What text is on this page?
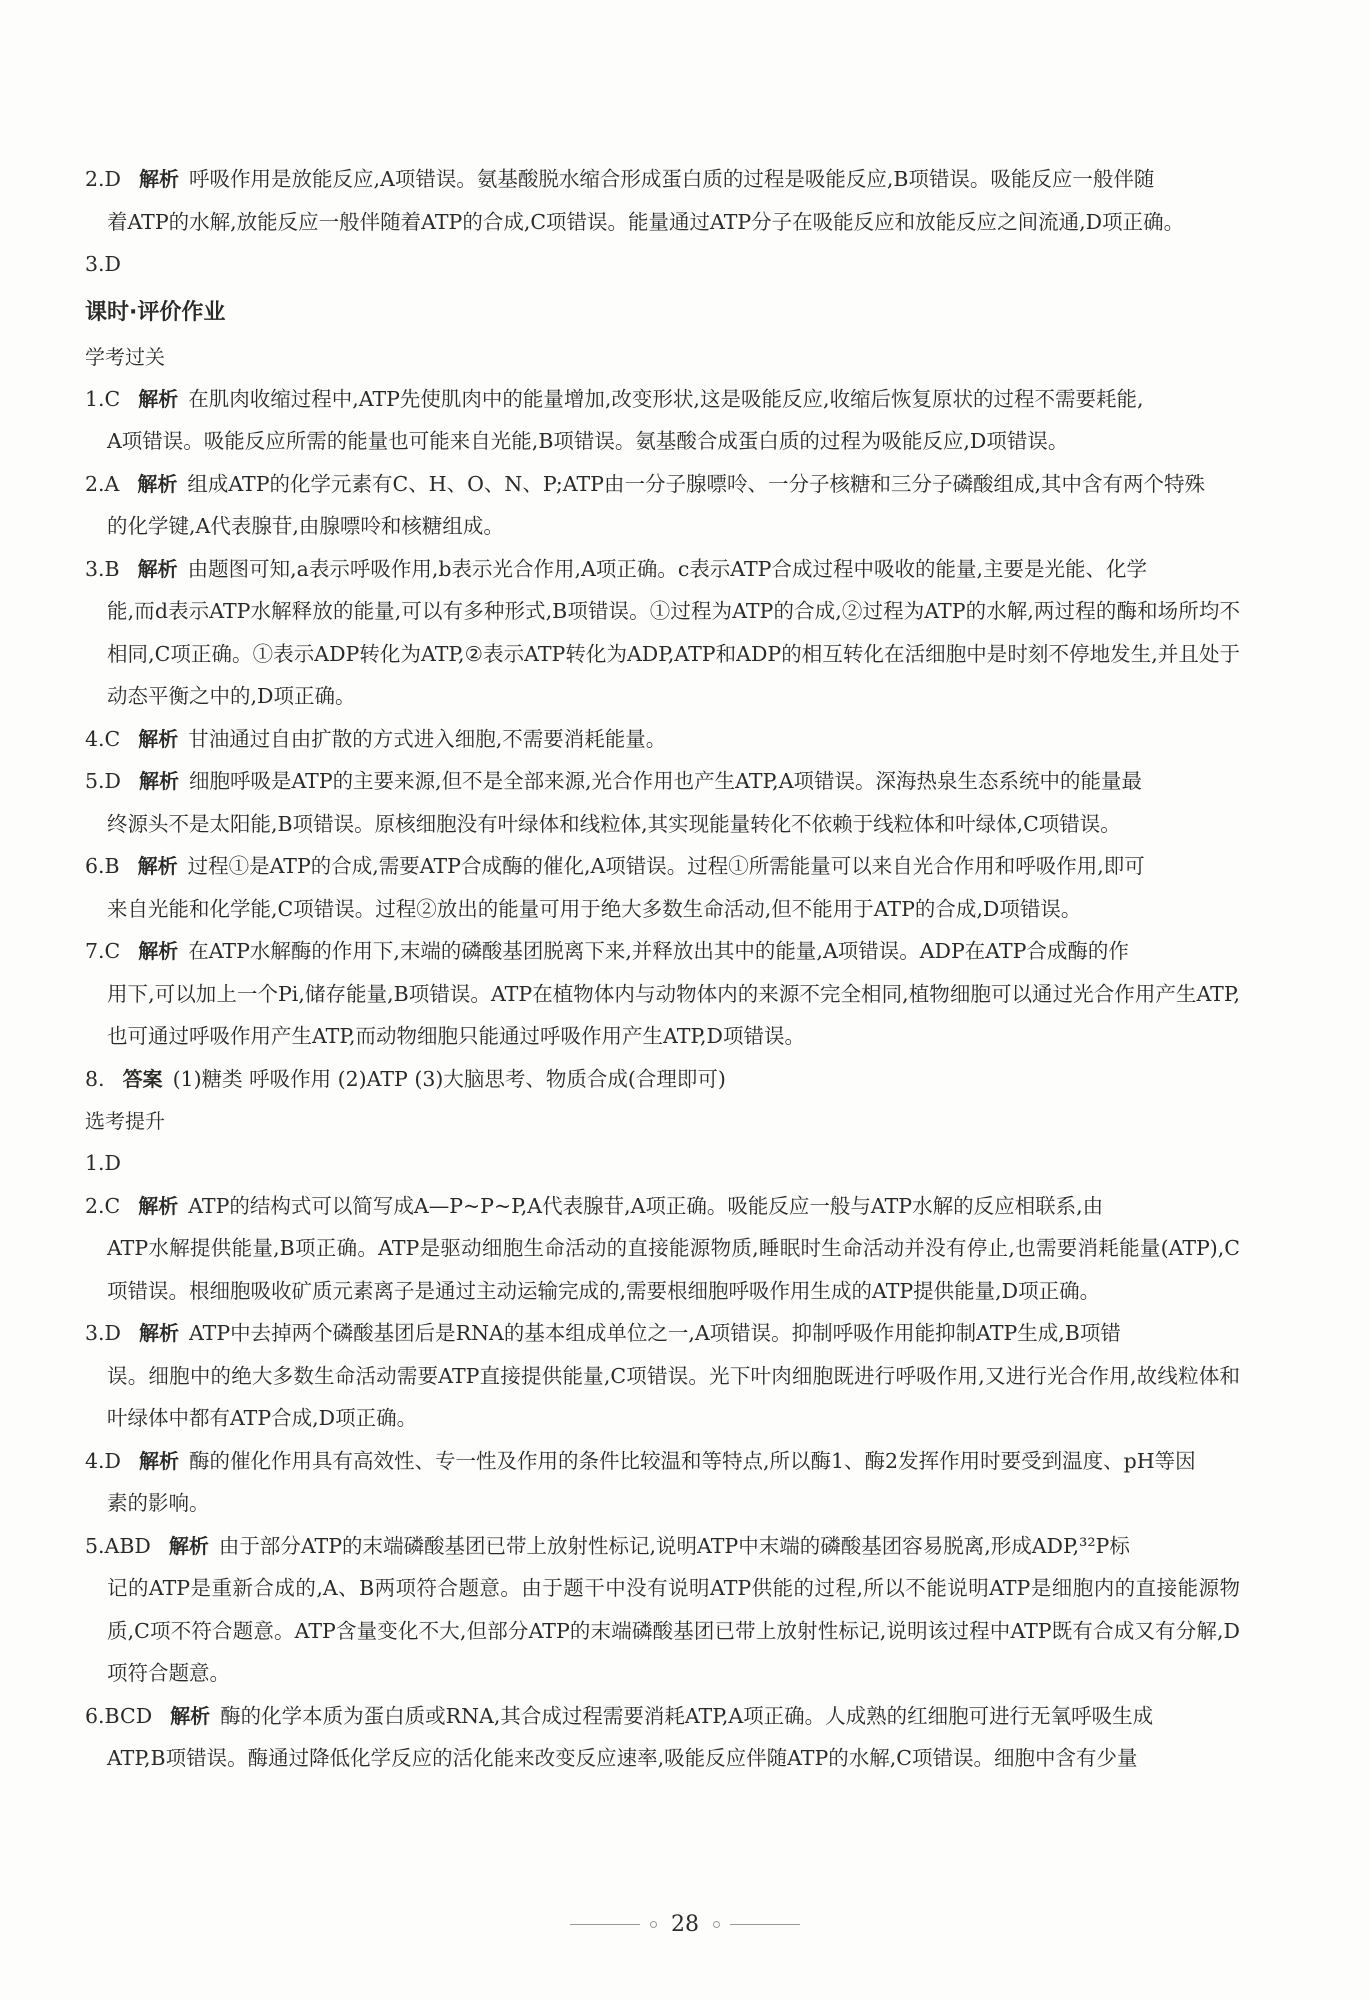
2.D 解析 呼吸作用是放能反应,A项错误。氨基酸脱水缩合形成蛋白质的过程是吸能反应,B项错误。吸能反应一般伴随
着ATP的水解,放能反应一般伴随着ATP的合成,C项错误。能量通过ATP分子在吸能反应和放能反应之间流通,D项正确。

3.D

课时·评价作业
学考过关

1.C 解析 在肌肉收缩过程中,ATP先使肌肉中的能量增加,改变形状,这是吸能反应,收缩后恢复原状的过程不需要耗能,
A项错误。吸能反应所需的能量也可能来自光能,B项错误。氨基酸合成蛋白质的过程为吸能反应,D项错误。

2.A 解析 组成ATP的化学元素有C、H、O、N、P;ATP由一分子腺嘌呤、一分子核糖和三分子磷酸组成,其中含有两个特殊
的化学键,A代表腺苷,由腺嘌呤和核糖组成。

3.B 解析 由题图可知,a表示呼吸作用,b表示光合作用,A项正确。c表示ATP合成过程中吸收的能量,主要是光能、化学
能,而d表示ATP水解释放的能量,可以有多种形式,B项错误。①过程为ATP的合成,②过程为ATP的水解,两过程的酶和场所均不相同,C项正确。①表示ADP转化为ATP,②表示ATP转化为ADP,ATP和ADP的相互转化在活细胞中是时刻不停地发生,并且处于动态平衡之中的,D项正确。

4.C 解析 甘油通过自由扩散的方式进入细胞,不需要消耗能量。

5.D 解析 细胞呼吸是ATP的主要来源,但不是全部来源,光合作用也产生ATP,A项错误。深海热泉生态系统中的能量最
终源头不是太阳能,B项错误。原核细胞没有叶绿体和线粒体,其实现能量转化不依赖于线粒体和叶绿体,C项错误。

6.B 解析 过程①是ATP的合成,需要ATP合成酶的催化,A项错误。过程①所需能量可以来自光合作用和呼吸作用,即可
来自光能和化学能,C项错误。过程②放出的能量可用于绝大多数生命活动,但不能用于ATP的合成,D项错误。

7.C 解析 在ATP水解酶的作用下,末端的磷酸基团脱离下来,并释放出其中的能量,A项错误。ADP在ATP合成酶的作
用下,可以加上一个Pi,储存能量,B项错误。ATP在植物体内与动物体内的来源不完全相同,植物细胞可以通过光合作用产生ATP,也可通过呼吸作用产生ATP,而动物细胞只能通过呼吸作用产生ATP,D项错误。

8. 答案 (1)糖类 呼吸作用 (2)ATP (3)大脑思考、物质合成(合理即可)

选考提升

1.D

2.C 解析 ATP的结构式可以简写成A—P~P~P,A代表腺苷,A项正确。吸能反应一般与ATP水解的反应相联系,由
ATP水解提供能量,B项正确。ATP是驱动细胞生命活动的直接能源物质,睡眠时生命活动并没有停止,也需要消耗能量(ATP),C项错误。根细胞吸收矿质元素离子是通过主动运输完成的,需要根细胞呼吸作用生成的ATP提供能量,D项正确。

3.D 解析 ATP中去掉两个磷酸基团后是RNA的基本组成单位之一,A项错误。抑制呼吸作用能抑制ATP生成,B项错
误。细胞中的绝大多数生命活动需要ATP直接提供能量,C项错误。光下叶肉细胞既进行呼吸作用,又进行光合作用,故线粒体和叶绿体中都有ATP合成,D项正确。

4.D 解析 酶的催化作用具有高效性、专一性及作用的条件比较温和等特点,所以酶1、酶2发挥作用时要受到温度、pH等因
素的影响。

5.ABD 解析 由于部分ATP的末端磷酸基团已带上放射性标记,说明ATP中末端的磷酸基团容易脱离,形成ADP,³²P标
记的ATP是重新合成的,A、B两项符合题意。由于题干中没有说明ATP供能的过程,所以不能说明ATP是细胞内的直接能源物质,C项不符合题意。ATP含量变化不大,但部分ATP的末端磷酸基团已带上放射性标记,说明该过程中ATP既有合成又有分解,D项符合题意。

6.BCD 解析 酶的化学本质为蛋白质或RNA,其合成过程需要消耗ATP,A项正确。人成熟的红细胞可进行无氧呼吸生成
ATP,B项错误。酶通过降低化学反应的活化能来改变反应速率,吸能反应伴随ATP的水解,C项错误。细胞中含有少量

28
